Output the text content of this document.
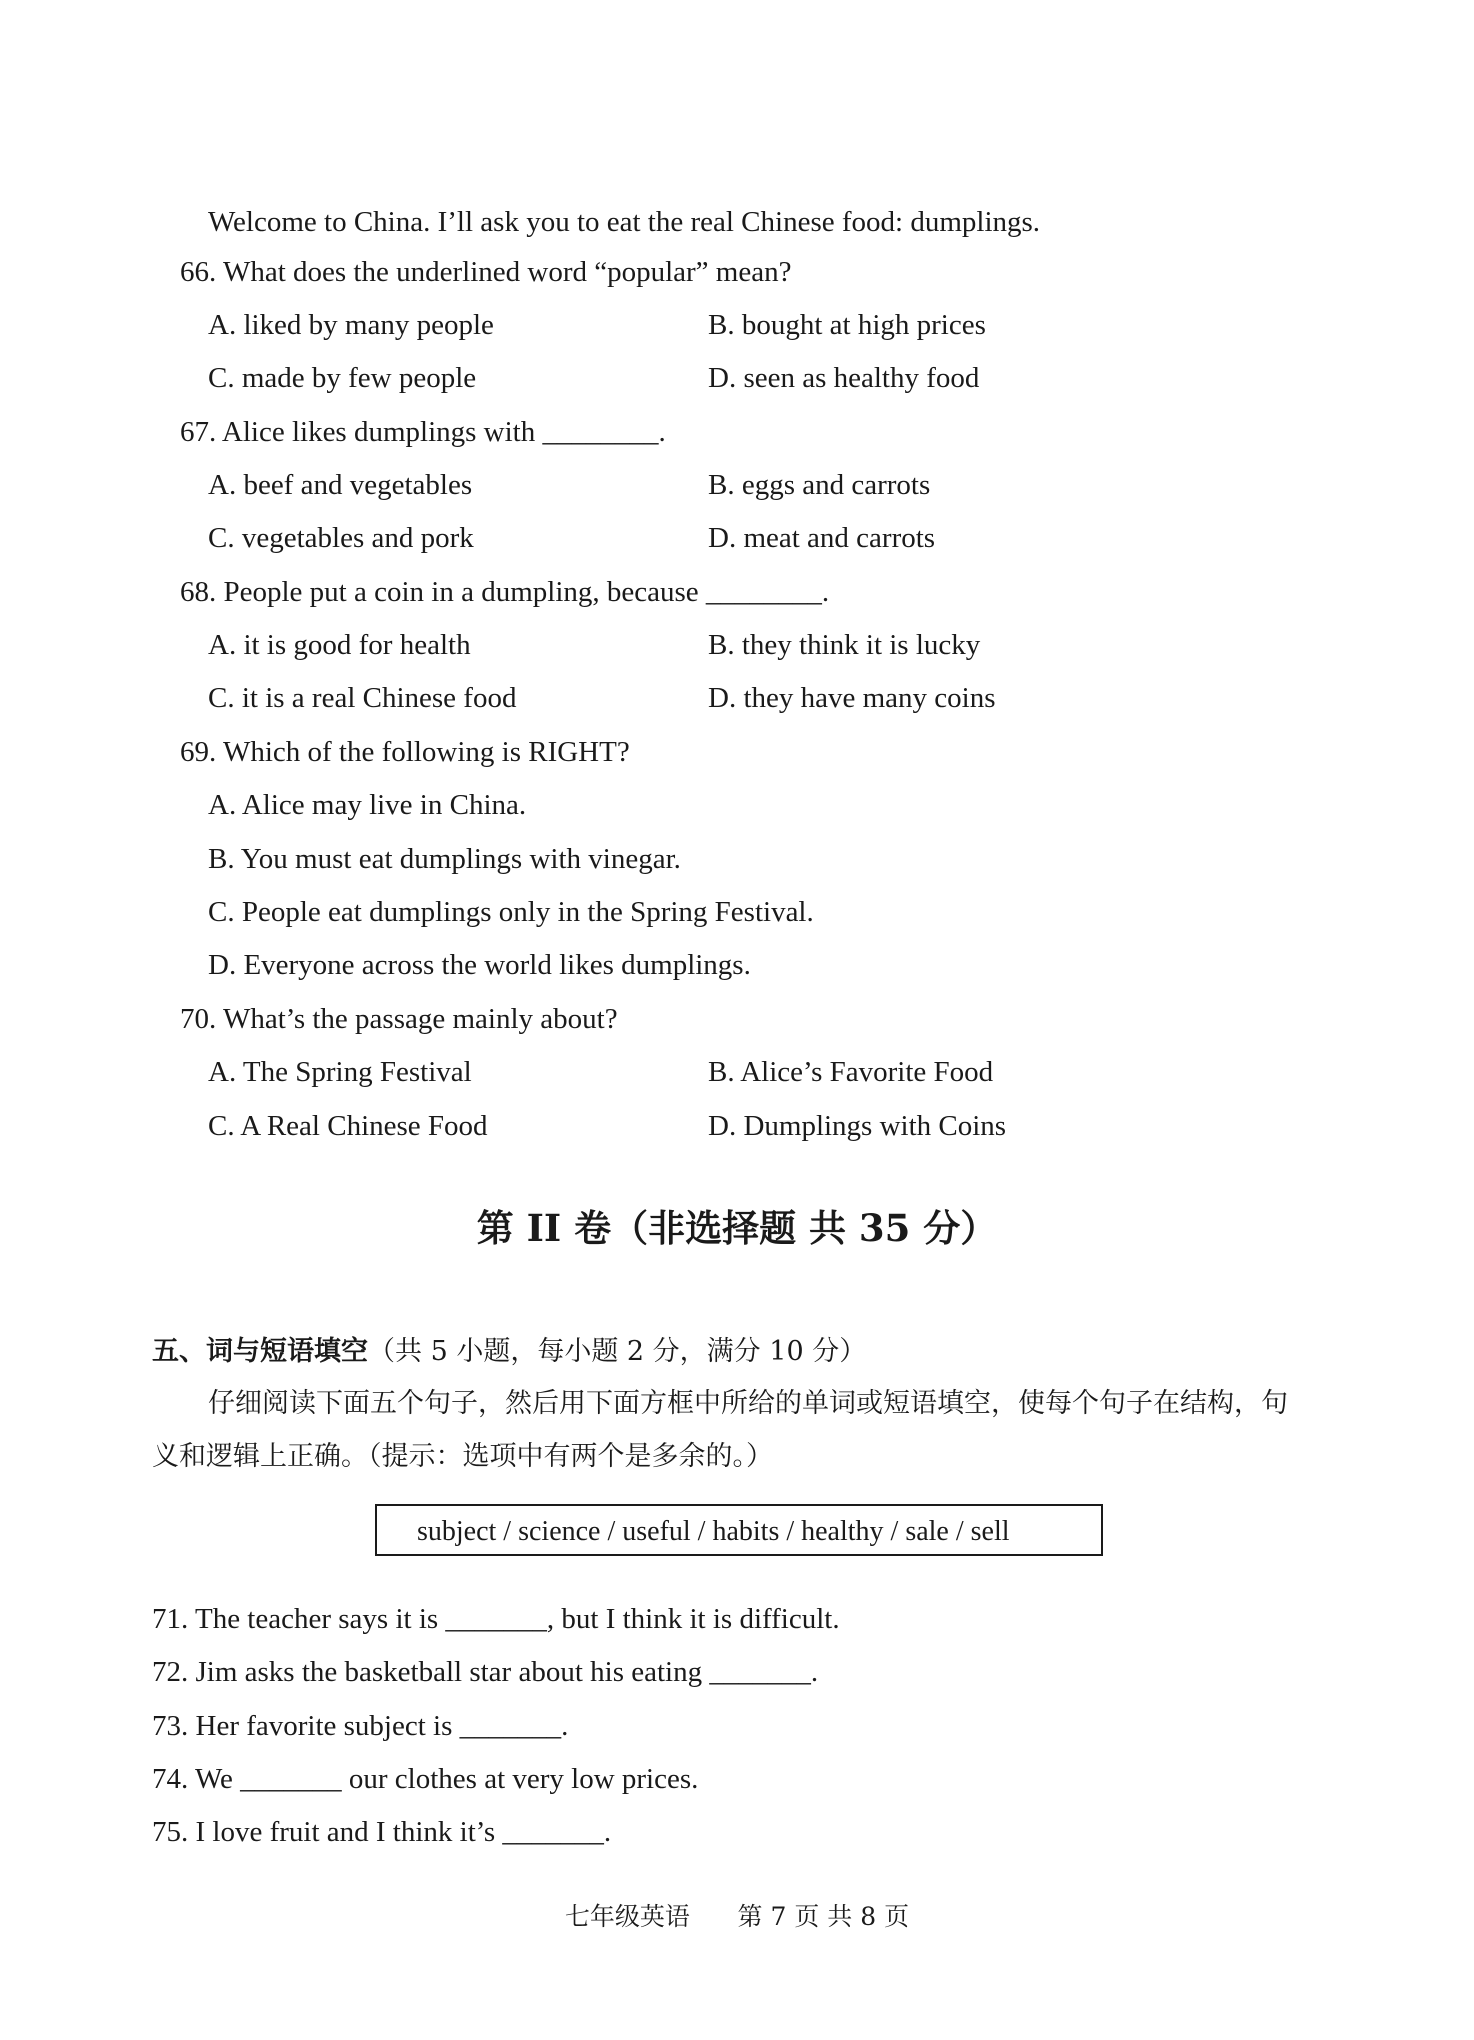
Welcome to China. I’ll ask you to eat the real Chinese food: dumplings.
66. What does the underlined word “popular” mean?
A. liked by many people	B. bought at high prices
C. made by few people	D. seen as healthy food
67. Alice likes dumplings with ________.
A. beef and vegetables	B. eggs and carrots
C. vegetables and pork	D. meat and carrots
68. People put a coin in a dumpling, because ________.
A. it is good for health	B. they think it is lucky
C. it is a real Chinese food	D. they have many coins
69. Which of the following is RIGHT?
A. Alice may live in China.
B. You must eat dumplings with vinegar.
C. People eat dumplings only in the Spring Festival.
D. Everyone across the world likes dumplings.
70. What’s the passage mainly about?
A. The Spring Festival	B. Alice’s Favorite Food
C. A Real Chinese Food	D. Dumplings with Coins
第 II 卷（非选择题 共 35 分）
五、词与短语填空（共 5 小题，每小题 2 分，满分 10 分）
仔细阅读下面五个句子，然后用下面方框中所给的单词或短语填空，使每个句子在结构，句
义和逻辑上正确。（提示：选项中有两个是多余的。）
subject / science / useful / habits / healthy / sale / sell
71. The teacher says it is _______, but I think it is difficult.
72. Jim asks the basketball star about his eating _______.
73. Her favorite subject is _______.
74. We _______ our clothes at very low prices.
75. I love fruit and I think it’s _______.
七年级英语      第 7 页 共 8 页
